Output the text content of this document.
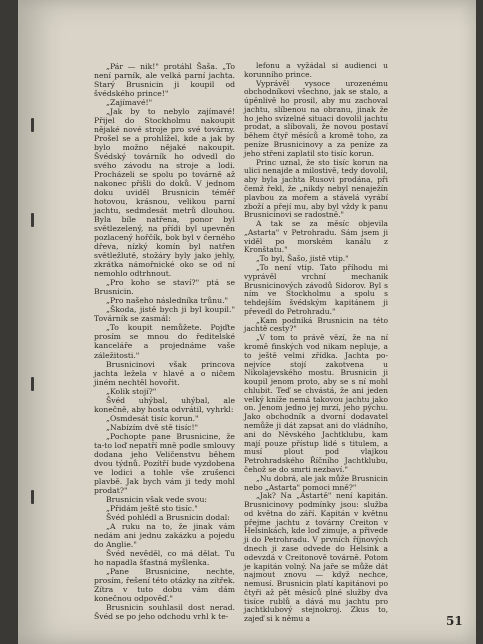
„Pár — nik!" protáhl Šaša. „To není parník, ale velká parní jachta. Starý Brusnicin ji koupil od švédského prince!"

„Zajímavé!"

„Jak by to nebylo zajímavé! Přijel do Stockholmu nakoupit nějaké nové stroje pro své továrny. Prošel se a prohlížel, kde a jak by bylo možno nějaké nakoupit. Švédský továrník ho odvedl do svého závodu na stroje a lodi. Procházeli se spolu po továrně až nakonec přišli do doků. V jednom doku uviděl Brusnicin téměř hotovou, krásnou, velikou parní jachtu, sedmdesát metrů dlouhou. Byla bíle natřena, ponor byl světlezelený, na přídi byl upevněn pozlacený hořčík, bok byl v černého dřeva, nízký komín byl natřen světležlutě, stožáry byly jako jehly, zkrátka námořnické oko se od ní nemohlo odtrhnout.

„Pro koho se staví?" ptá se Brusnicin.

„Pro našeho následníka trůnu."

„Škoda, jistě bych ji byl koupil." Továrník se zasmál:

„To koupit nemůžete. Pojďte prosím se mnou do ředitelské kanceláře a projednáme vaše záležitosti."

Brusnicinovi však princova jachta ležela v hlavě a o ničem jiném nechtěl hovořit.

„Kolik stojí?"

Švéd uhýbal, uhýbal, ale konečně, aby hosta odvrátil, vyhrkl:

„Osmdesát tisíc korun."

„Nabízím dvě stě tisíc!"

„Pochopte pane Brusnicine, že ta-to loď nepatří mně podle smlouvy dodana jeho Veličenstvu během dvou týdnů. Pozítří bude vyzdobena ve lodici a tohle vše zrušenci plavbě. Jak bych vám ji tedy mohl prodat?"

Brusnicin však vede svou:

„Přidám ještě sto tisíc."

Švéd pohlédl a Brusnicin dodal:

„A ruku na to, že jinak vám nedám ani jednu zakázku a pojedu do Anglie."

Švéd nevěděl, co má dělat. Tu ho napadla šťastná myšlenka.

„Pane Brusnicine, nechte, prosím, řešení této otázky na zítřek. Zítra v tuto dobu vám dám konečnou odpověď."

Brusnicin souhlasil dost nerad. Švéd se po jeho odchodu vrhl k te-

lefonu a vyžádal si audienci u korunního prince.

Vyprávěl vysoce urozenému obchodníkovi všechno, jak se stalo, a úpěnlivě ho prosil, aby mu zachoval jachtu, slíbenou na obranu, jinak že ho jeho svízelné situaci dovolil jachtu prodat, a slíbovali, že novou postaví během čtyř měsíců a kromě toho, za peníze Brusnicinovy a za peníze za jeho střeni zaplatil sto tisíc korun.

Princ uznal, že sto tisíc korun na ulici nenajde a milostivě, tedy dovolil, aby byla jachta Rusovi prodána, při čemž řekl, že „nikdy nebyl nenaježín plavbou za mořem a stávelá vyrábí zboží a přejí mu, aby byl vždy k panu Brusnicinovi se radostně."

A tak se za měsíc objevila „Astarta" v Petrohradu. Sám jsem ji viděl po morském kanálu z Kronštatu."

„To byl, Šašo, jistě vtip."

„To není vtip. Tato příhodu mi vyprávěl vrchní mechanik Brusnicinových závodů Sidorov. Byl s ním ve Stockholmu a spolu s tehdejším švédským kapitánem ji převedl do Petrohradu."

„Kam podniká Brusnicin na této jachtě cesty?"

„V tom to právě vězí, že na ní kromě finských vod nikam nepluje, a to ještě velmi zřídka. Jachta po-nejvíce stojí zakotvena u Nikolajevského mostu. Brusnicin ji koupil jenom proto, aby se s ní mohl chlubit. Teď se chvástá, že ani jeden velký kníže nemá takovou jachtu jako on. Jenom jedno jej mrzí, jeho pýchu. Jako obchodník a dvorní dodavatel nemůže ji dát zapsat ani do vládního, ani do Něvského Jachtklubu, kam mají pouze přístup lidé s titulem, a musí plout pod vlajkou Petrohradského Říčního Jachtklubu, čehož se do smrti nezbaví."

„Nu dobrá, ale jak může Brusnicin nebo „Astarta" pomoci mně?"

„Jak? Na „Astartě" není kapitán. Brusnicinovy podmínky jsou: služba od května do září. Kapitán v květnu přejme jachtu z továrny Creiton v Helsinkách, kde loď zimuje, a přivede ji do Petrohradu. V prvních říjnových dnech ji zase odvede do Helsink a odevzdá v Creitonově továrně. Potom je kapitán volný. Na jaře se může dát najmout znovu — když nechce, nemusí. Brusnicin platí kapitánovi po čtyři až pět měsíců plné služby dva tisíce rublů a dává mu jachtu pro jachtklubový stejnokroj. Zkus to, zajeď si k němu a	51
